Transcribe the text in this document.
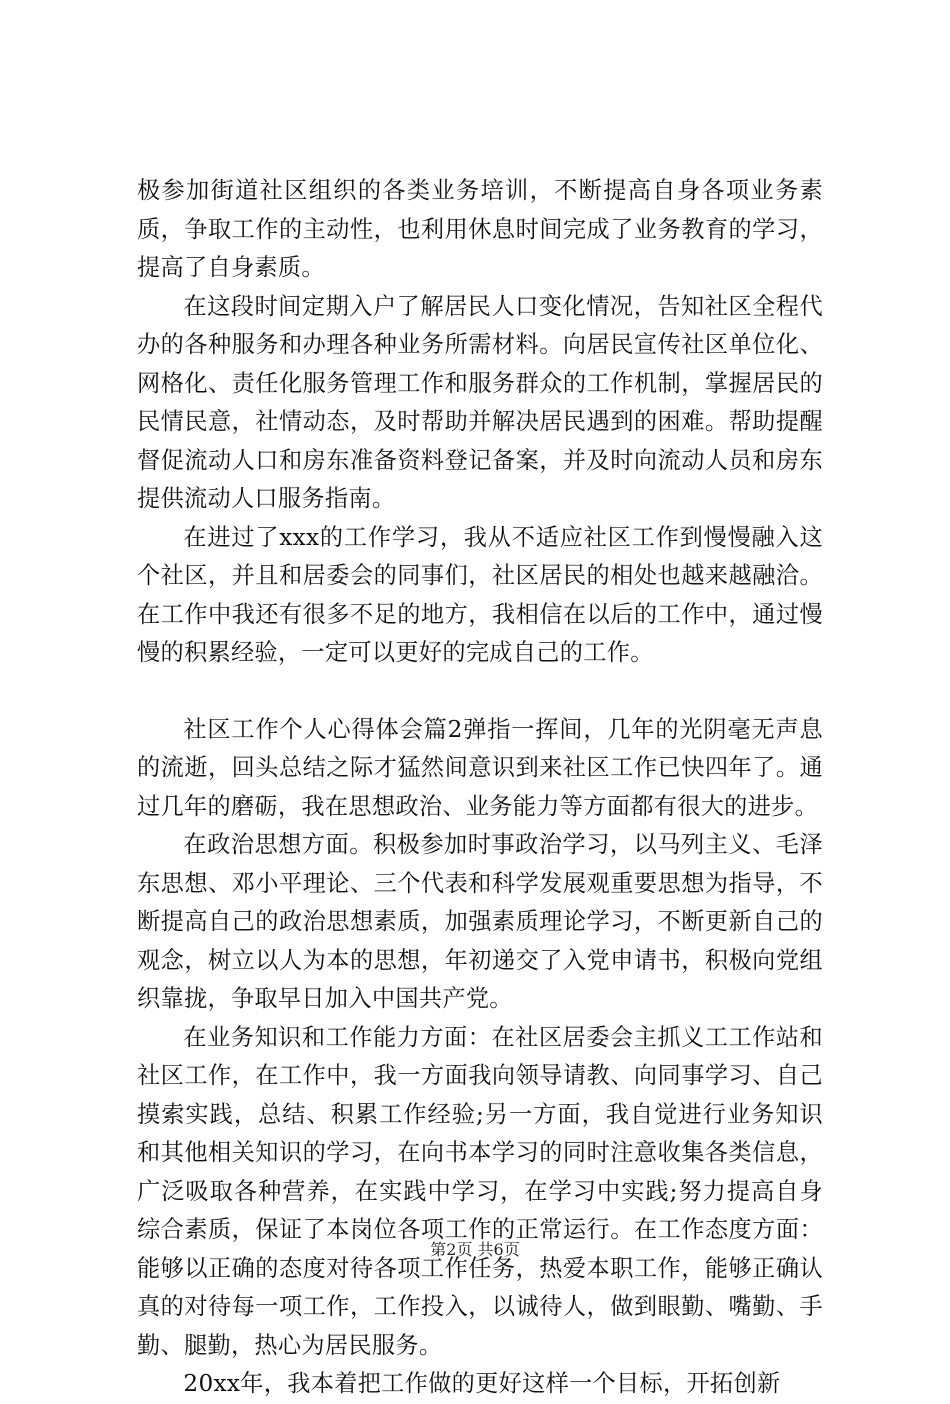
极参加街道社区组织的各类业务培训，不断提高自身各项业务素质，争取工作的主动性，也利用休息时间完成了业务教育的学习，提高了自身素质。

在这段时间定期入户了解居民人口变化情况，告知社区全程代办的各种服务和办理各种业务所需材料。向居民宣传社区单位化、网格化、责任化服务管理工作和服务群众的工作机制，掌握居民的民情民意，社情动态，及时帮助并解决居民遇到的困难。帮助提醒督促流动人口和房东准备资料登记备案，并及时向流动人员和房东提供流动人口服务指南。

在进过了xxx的工作学习，我从不适应社区工作到慢慢融入这个社区，并且和居委会的同事们，社区居民的相处也越来越融洽。在工作中我还有很多不足的地方，我相信在以后的工作中，通过慢慢的积累经验，一定可以更好的完成自己的工作。

社区工作个人心得体会篇2弹指一挥间，几年的光阴毫无声息的流逝，回头总结之际才猛然间意识到来社区工作已快四年了。通过几年的磨砺，我在思想政治、业务能力等方面都有很大的进步。

在政治思想方面。积极参加时事政治学习，以马列主义、毛泽东思想、邓小平理论、三个代表和科学发展观重要思想为指导，不断提高自己的政治思想素质，加强素质理论学习，不断更新自己的观念，树立以人为本的思想，年初递交了入党申请书，积极向党组织靠拢，争取早日加入中国共产党。

在业务知识和工作能力方面：在社区居委会主抓义工工作站和社区工作，在工作中，我一方面我向领导请教、向同事学习、自己摸索实践，总结、积累工作经验;另一方面，我自觉进行业务知识和其他相关知识的学习，在向书本学习的同时注意收集各类信息，广泛吸取各种营养，在实践中学习，在学习中实践;努力提高自身综合素质，保证了本岗位各项工作的正常运行。在工作态度方面：能够以正确的态度对待各项工作任务，热爱本职工作，能够正确认真的对待每一项工作，工作投入，以诚待人，做到眼勤、嘴勤、手勤、腿勤，热心为居民服务。

20xx年，我本着把工作做的更好这样一个目标，开拓创新

第2页 共6页
